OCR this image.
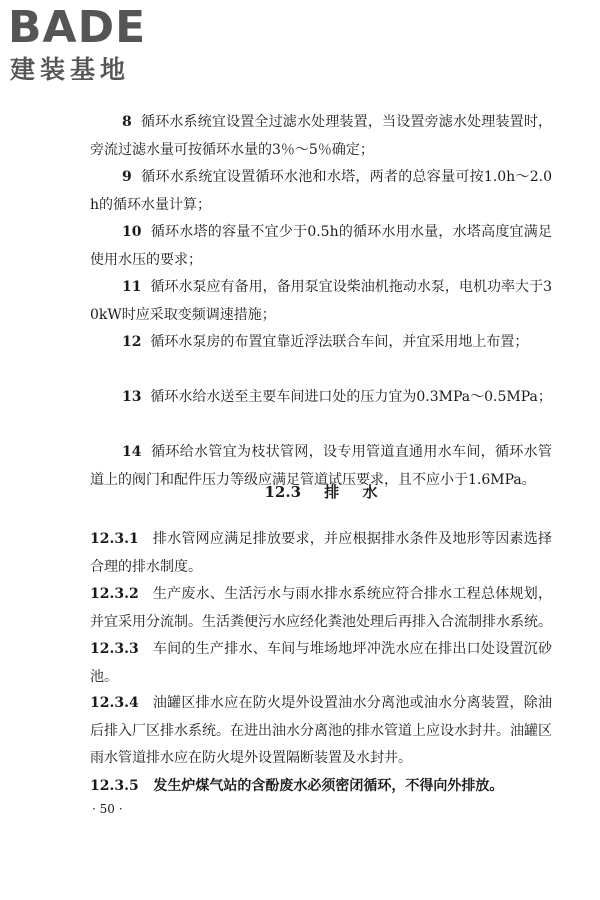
BADE
建装基地

8 循环水系统宜设置全过滤水处理装置，当设置旁滤水处理装置时，旁流过滤水量可按循环水量的3％～5％确定；

9 循环水系统宜设置循环水池和水塔，两者的总容量可按1.0h～2.0h的循环水量计算；

10 循环水塔的容量不宜少于0.5h的循环水用水量，水塔高度宜满足使用水压的要求；

11 循环水泵应有备用，备用泵宜设柴油机拖动水泵，电机功率大于30kW时应采取变频调速措施；

12 循环水泵房的布置宜靠近浮法联合车间，并宜采用地上布置；

13 循环水给水送至主要车间进口处的压力宜为0.3MPa～0.5MPa；

14 循环给水管宜为枝状管网，设专用管道直通用水车间，循环水管道上的阀门和配件压力等级应满足管道试压要求，且不应小于1.6MPa。

12.3 排 水

12.3.1 排水管网应满足排放要求，并应根据排水条件及地形等因素选择合理的排水制度。

12.3.2 生产废水、生活污水与雨水排水系统应符合排水工程总体规划，并宜采用分流制。生活粪便污水应经化粪池处理后再排入合流制排水系统。

12.3.3 车间的生产排水、车间与堆场地坪冲洗水应在排出口处设置沉砂池。

12.3.4 油罐区排水应在防火堤外设置油水分离池或油水分离装置，除油后排入厂区排水系统。在进出油水分离池的排水管道上应设水封井。油罐区雨水管道排水应在防火堤外设置隔断装置及水封井。

12.3.5 发生炉煤气站的含酚废水必须密闭循环，不得向外排放。

· 50 ·
